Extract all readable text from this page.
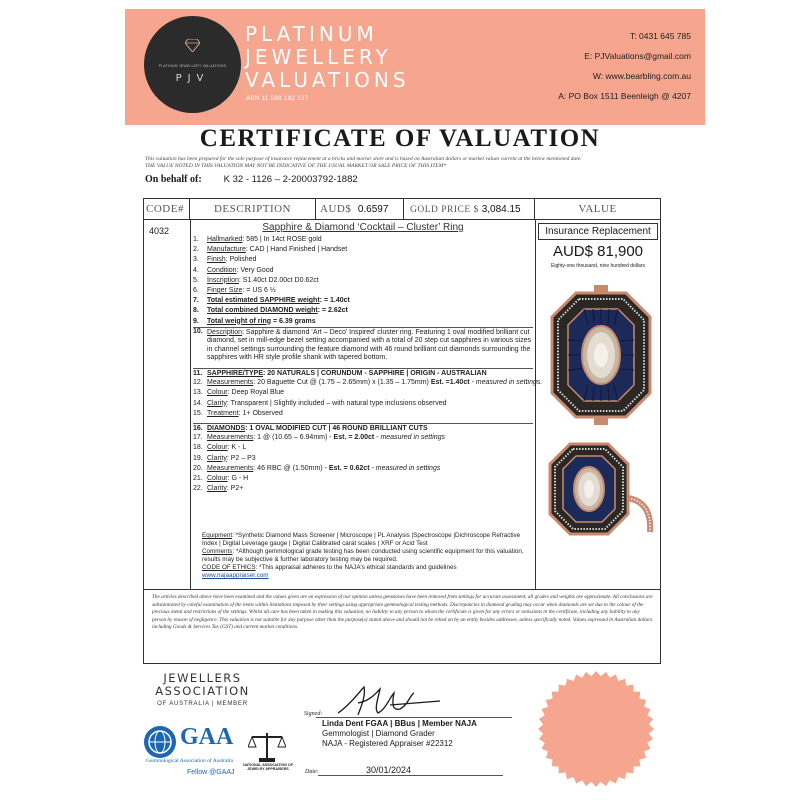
PLATINUM JEWELLERY VALUATIONS
PJV
PLATINUM
JEWELLERY
VALUATIONS
ABN 11 588 192 137
T: 0431 645 785
E: PJValuations@gmail.com
W: www.bearbling.com.au
A: PO Box 1511 Beenleigh @ 4207
CERTIFICATE OF VALUATION
This valuation has been prepared for the sole purpose of insurance replacement at a bricks and mortar store and is based on Australian dollars or market values current at the below mentioned date.
THE VALUE NOTED IN THIS VALUATION MAY NOT BE INDICATIVE OF THE USUAL MARKET OR SALE PRICE OF THIS ITEM*
On behalf of: K 32 - 1126 – 2-20003792-1882
CODE#	DESCRIPTION	AUD$ 0.6597	GOLD PRICE $ 3,084.15	VALUE
4032	Sapphire & Diamond ‘Cocktail – Cluster’ Ring
1. Hallmarked: 585 | In 14ct ROSE gold
2. Manufacture: CAD | Hand Finished | Handset
3. Finish: Polished
4. Condition: Very Good
5. Inscription: S1.40ct D2.00ct D0.62ct
6. Finger Size: = US 6 ½
7. Total estimated SAPPHIRE weight: = 1.40ct
8. Total combined DIAMOND weight: = 2.62ct
9. Total weight of ring = 6.39 grams
10. Description: Sapphire & diamond ‘Art – Deco’ Inspired’ cluster ring. Featuring 1 oval modified brilliant cut diamond, set in mill-edge bezel setting accompanied with a total of 20 step cut sapphires in various sizes in channel settings surrounding the feature diamond with 46 round brilliant cut diamonds surrounding the sapphires with HR style profile shank with tapered bottom.
11. SAPPHIRE/TYPE: 20 NATURALS | CORUNDUM - SAPPHIRE | ORIGIN - AUSTRALIAN
12. Measurements: 20 Baguette Cut @ (1.75 – 2.65mm) x (1.35 – 1.75mm) Est. =1.40ct - measured in settings.
13. Colour: Deep Royal Blue
14. Clarity: Transparent | Slightly included – with natural type inclusions observed
15. Treatment: 1+ Observed
16. DIAMONDS: 1 OVAL MODIFIED CUT | 46 ROUND BRILLIANT CUTS
17. Measurements: 1 @ (10.65 – 6.94mm) - Est. = 2.00ct - measured in settings
18. Colour: K - L
19. Clarity: P2 – P3
20. Measurements: 46 RBC @ (1.50mm) - Est. = 0.62ct - measured in settings
21. Colour: G - H
22. Clarity: P2+
Equipment: *Synthetic Diamond Mass Screener | Microscope | PL Analysis |Spectroscope |Dichroscope Refractive Index | Digital Leverage gauge | Digital Calibrated carat scales | XRF or Acid Test
Comments: *Although gemmological grade testing has been conducted using scientific equipment for this valuation, results may be subjective & further laboratory testing may be required.
CODE OF ETHICS: *This appraisal adheres to the NAJA's ethical standards and guidelines
www.najaappraiser.com
Insurance Replacement
AUD$ 81,900
Eighty-one thousand, nine hundred dollars
The articles described above have been examined and the values given are an expression of our opinion unless gemstones have been removed from settings for accurate assessment, all grades and weights are approximate. All conclusions are substantiated by careful examination of the items within limitations imposed by their settings using appropriate gemmological testing methods. Discrepancies in diamond grading may occur when diamonds are set due to the colour of the precious metal and restrictions of the settings. Whilst all care has been taken in making this valuation, no liability to any person to whom the certificate is given for any errors or omissions in the certificate, including any liability to any person by reason of negligence. This valuation is not suitable for any purpose other than the purpose(s) stated above and should not be relied on by an entity besides addressee, unless specifically noted. Values expressed in Australian dollars including Goods & Services Tax (GST) and current market conditions.
JEWELLERS
ASSOCIATION
OF AUSTRALIA | MEMBER
GAA
Gemmological Association of Australia
Fellow @GAAJ
NATIONAL ASSOCIATION OF JEWELRY APPRAISERS
Signed:
Linda Dent FGAA | BBus | Member NAJA
Gemmologist | Diamond Grader
NAJA - Registered Appraiser #22312
Date:	30/01/2024
